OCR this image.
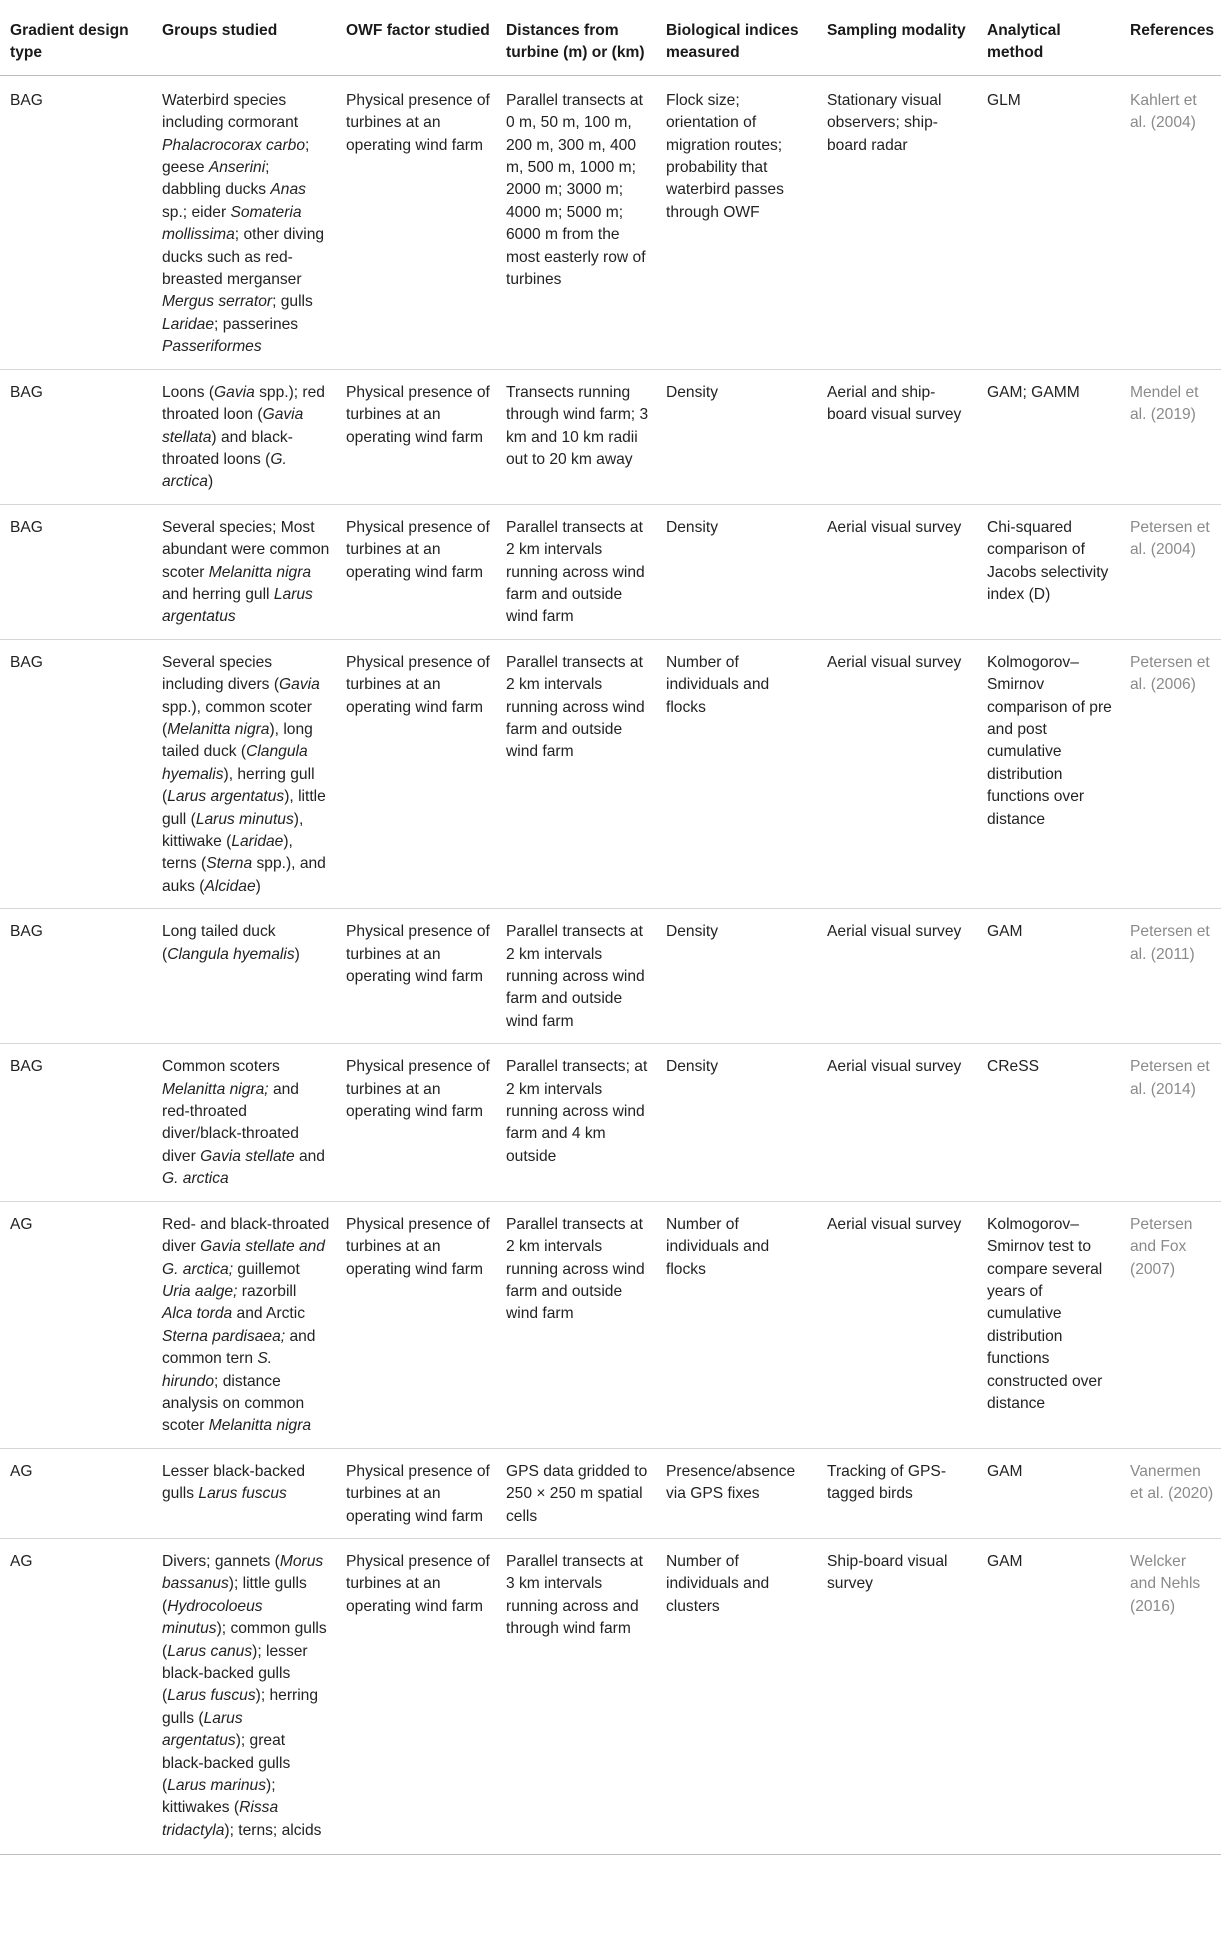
Gradient design type	Groups studied	OWF factor studied	Distances from turbine (m) or (km)	Biological indices measured	Sampling modality	Analytical method	References
BAG	Waterbird species including cormorant Phalacrocorax carbo; geese Anserini; dabbling ducks Anas sp.; eider Somateria mollissima; other diving ducks such as red-breasted merganser Mergus serrator; gulls Laridae; passerines Passeriformes	Physical presence of turbines at an operating wind farm	Parallel transects at 0 m, 50 m, 100 m, 200 m, 300 m, 400 m, 500 m, 1000 m; 2000 m; 3000 m; 4000 m; 5000 m; 6000 m from the most easterly row of turbines	Flock size; orientation of migration routes; probability that waterbird passes through OWF	Stationary visual observers; ship-board radar	GLM	Kahlert et al. (2004)
BAG	Loons (Gavia spp.); red throated loon (Gavia stellata) and black-throated loons (G. arctica)	Physical presence of turbines at an operating wind farm	Transects running through wind farm; 3 km and 10 km radii out to 20 km away	Density	Aerial and ship-board visual survey	GAM; GAMM	Mendel et al. (2019)
BAG	Several species; Most abundant were common scoter Melanitta nigra and herring gull Larus argentatus	Physical presence of turbines at an operating wind farm	Parallel transects at 2 km intervals running across wind farm and outside wind farm	Density	Aerial visual survey	Chi-squared comparison of Jacobs selectivity index (D)	Petersen et al. (2004)
BAG	Several species including divers (Gavia spp.), common scoter (Melanitta nigra), long tailed duck (Clangula hyemalis), herring gull (Larus argentatus), little gull (Larus minutus), kittiwake (Laridae), terns (Sterna spp.), and auks (Alcidae)	Physical presence of turbines at an operating wind farm	Parallel transects at 2 km intervals running across wind farm and outside wind farm	Number of individuals and flocks	Aerial visual survey	Kolmogorov–Smirnov comparison of pre and post cumulative distribution functions over distance	Petersen et al. (2006)
BAG	Long tailed duck (Clangula hyemalis)	Physical presence of turbines at an operating wind farm	Parallel transects at 2 km intervals running across wind farm and outside wind farm	Density	Aerial visual survey	GAM	Petersen et al. (2011)
BAG	Common scoters Melanitta nigra; and red-throated diver/black-throated diver Gavia stellate and G. arctica	Physical presence of turbines at an operating wind farm	Parallel transects; at 2 km intervals running across wind farm and 4 km outside	Density	Aerial visual survey	CReSS	Petersen et al. (2014)
AG	Red- and black-throated diver Gavia stellate and G. arctica; guillemot Uria aalge; razorbill Alca torda and Arctic Sterna pardisaea; and common tern S. hirundo; distance analysis on common scoter Melanitta nigra	Physical presence of turbines at an operating wind farm	Parallel transects at 2 km intervals running across wind farm and outside wind farm	Number of individuals and flocks	Aerial visual survey	Kolmogorov–Smirnov test to compare several years of cumulative distribution functions constructed over distance	Petersen and Fox (2007)
AG	Lesser black-backed gulls Larus fuscus	Physical presence of turbines at an operating wind farm	GPS data gridded to 250 × 250 m spatial cells	Presence/absence via GPS fixes	Tracking of GPS-tagged birds	GAM	Vanermen et al. (2020)
AG	Divers; gannets (Morus bassanus); little gulls (Hydrocoloeus minutus); common gulls (Larus canus); lesser black-backed gulls (Larus fuscus); herring gulls (Larus argentatus); great black-backed gulls (Larus marinus); kittiwakes (Rissa tridactyla); terns; alcids	Physical presence of turbines at an operating wind farm	Parallel transects at 3 km intervals running across and through wind farm	Number of individuals and clusters	Ship-board visual survey	GAM	Welcker and Nehls (2016)
